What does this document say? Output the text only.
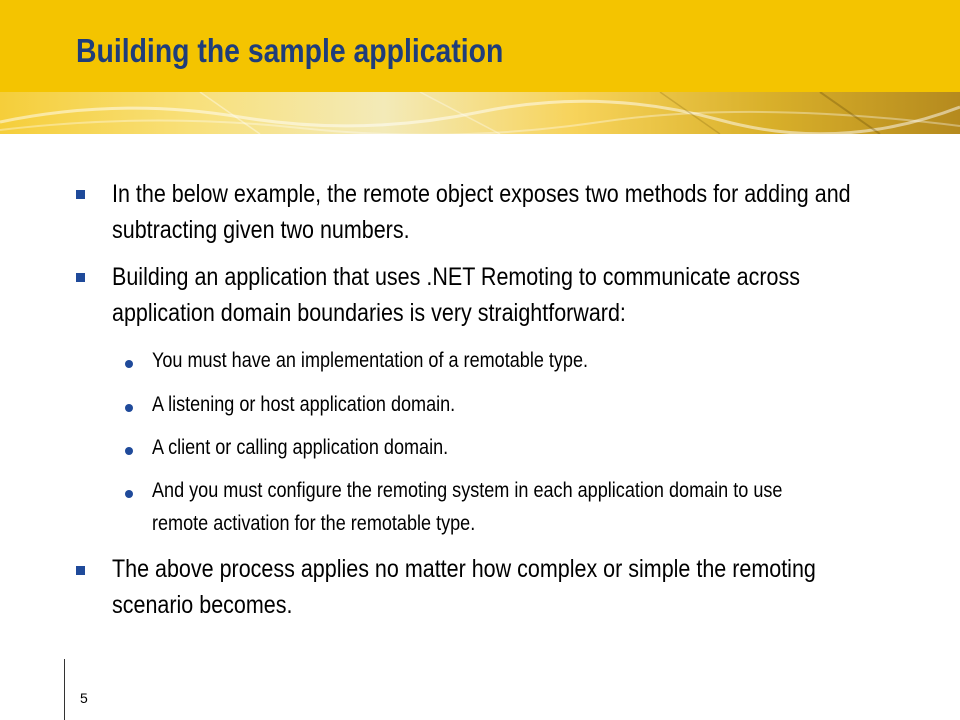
Building the sample application
In the below example, the remote object exposes two methods for adding and subtracting given two numbers.
Building an application that uses .NET Remoting to communicate across application domain boundaries is very straightforward:
You must have an implementation of a remotable type.
A listening or host application domain.
A client or calling application domain.
And you must configure the remoting system in each application domain to use remote activation for the remotable type.
The above process applies no matter how complex or simple the remoting scenario becomes.
5
